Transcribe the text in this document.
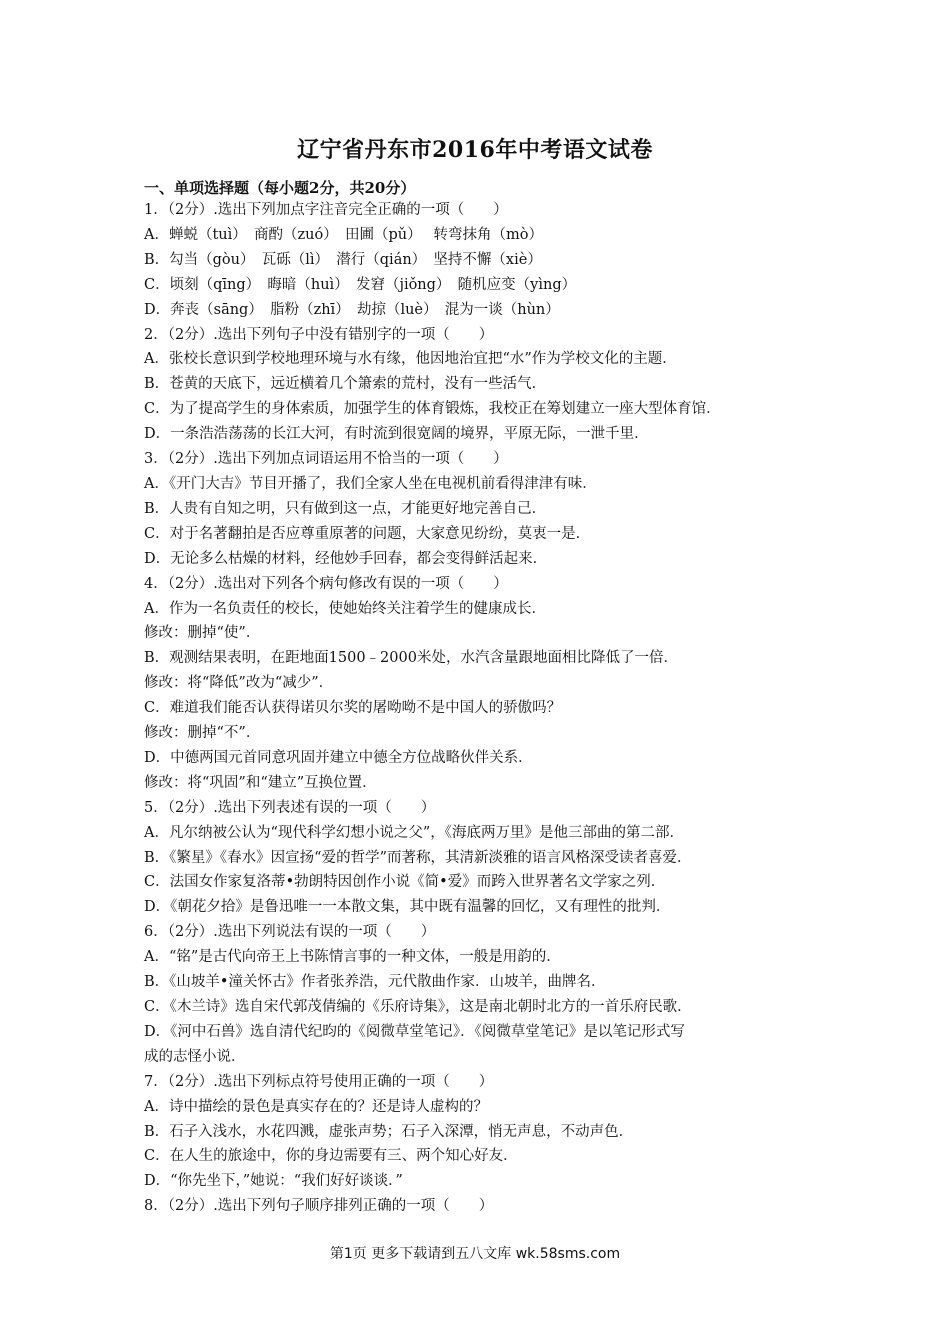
辽宁省丹东市2016年中考语文试卷
一、单项选择题（每小题2分，共20分）
1．（2分）.选出下列加点字注音完全正确的一项（　　）
A．蝉蜕（tuì）　商酌（zuó）　田圃（pǔ）　 转弯抹角（mò）
B．勾当（gòu）　瓦砾（lì）　潜行（qián）　坚持不懈（xiè）
C．顷刻（qīng）　晦暗（huì）　发窘（jiǒng）　随机应变（yìng）
D．奔丧（sāng）　脂粉（zhī）　劫掠（luè）　混为一谈（hùn）
2．（2分）.选出下列句子中没有错别字的一项（　　）
A．张校长意识到学校地理环境与水有缘，他因地治宜把“水”作为学校文化的主题．
B．苍黄的天底下，远近横着几个箫索的荒村，没有一些活气．
C．为了提高学生的身体索质，加强学生的体育锻炼，我校正在筹划建立一座大型体育馆．
D．一条浩浩荡荡的长江大河，有时流到很宽阔的境界，平原无际，一泄千里．
3．（2分）.选出下列加点词语运用不恰当的一项（　　）
A．《开门大吉》节目开播了，我们全家人坐在电视机前看得津津有味．
B．人贵有自知之明，只有做到这一点，才能更好地完善自己．
C．对于名著翻拍是否应尊重原著的问题，大家意见纷纷，莫衷一是．
D．无论多么枯燥的材料，经他妙手回春，都会变得鲜活起来．
4．（2分）.选出对下列各个病句修改有误的一项（　　）
A．作为一名负责任的校长，使她始终关注着学生的健康成长．
修改：删掉“使”．
B．观测结果表明，在距地面1500﹣2000米处，水汽含量跟地面相比降低了一倍．
修改：将“降低”改为“减少”．
C．难道我们能否认获得诺贝尔奖的屠呦呦不是中国人的骄傲吗？
修改：删掉“不”．
D．中德两国元首同意巩固并建立中德全方位战略伙伴关系．
修改：将“巩固”和“建立”互换位置．
5．（2分）.选出下列表述有误的一项（　　）
A．凡尔纳被公认为“现代科学幻想小说之父”，《海底两万里》是他三部曲的第二部．
B．《繁星》《春水》因宣扬“爱的哲学”而著称，其清新淡雅的语言风格深受读者喜爱．
C．法国女作家复洛蒂•勃朗特因创作小说《简•爱》而跨入世界著名文学家之列．
D．《朝花夕拾》是鲁迅唯一一本散文集，其中既有温馨的回忆，又有理性的批判．
6．（2分）.选出下列说法有误的一项（　　）
A．“铭”是古代向帝王上书陈情言事的一种文体，一般是用韵的．
B．《山坡羊•潼关怀古》作者张养浩，元代散曲作家．山坡羊，曲牌名．
C．《木兰诗》选自宋代郭茂倩编的《乐府诗集》，这是南北朝时北方的一首乐府民歌．
D．《河中石兽》选自清代纪昀的《阅微草堂笔记》．《阅微草堂笔记》是以笔记形式写
成的志怪小说．
7．（2分）.选出下列标点符号使用正确的一项（　　）
A．诗中描绘的景色是真实存在的？还是诗人虚构的？
B．石子入浅水，水花四溅，虚张声势；石子入深潭，悄无声息，不动声色．
C．在人生的旅途中，你的身边需要有三、两个知心好友．
D．“你先坐下，”她说：“我们好好谈谈．”
8．（2分）.选出下列句子顺序排列正确的一项（　　）
第1页 更多下载请到五八文库 wk.58sms.com
